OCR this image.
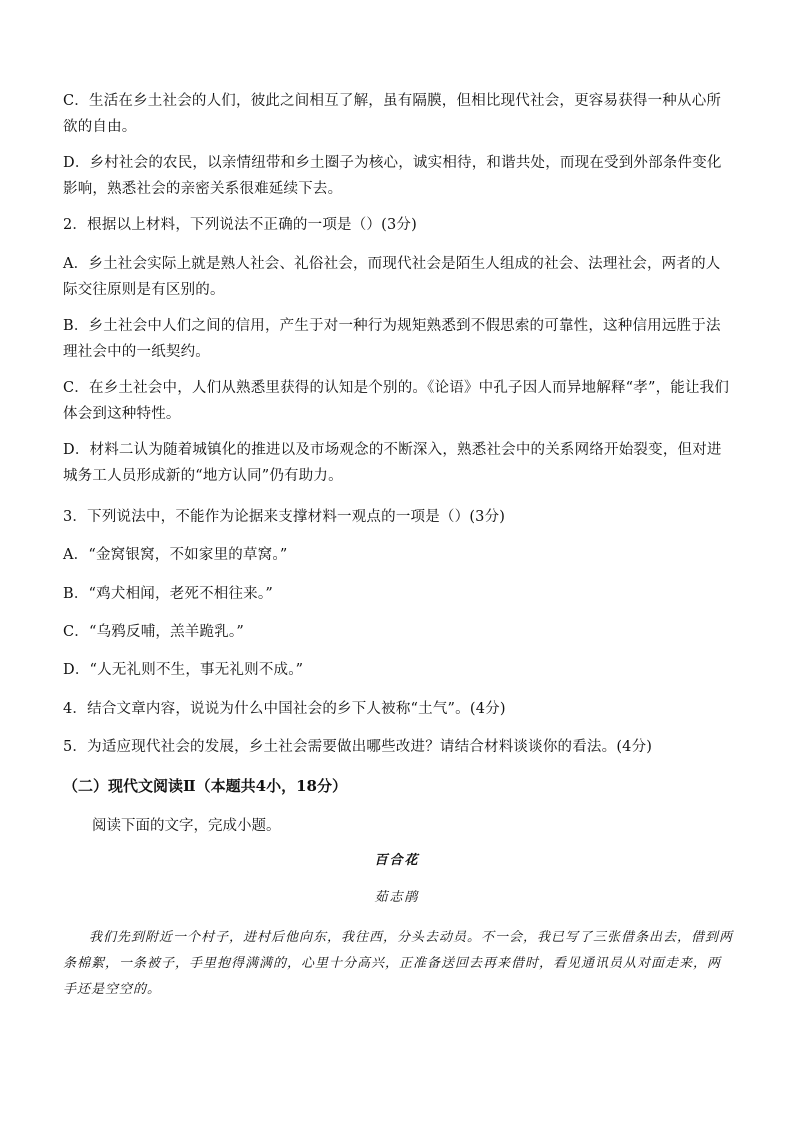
C．生活在乡土社会的人们，彼此之间相互了解，虽有隔膜，但相比现代社会，更容易获得一种从心所欲的自由。

D．乡村社会的农民，以亲情纽带和乡土圈子为核心，诚实相待，和谐共处，而现在受到外部条件变化影响，熟悉社会的亲密关系很难延续下去。

2．根据以上材料，下列说法不正确的一项是（）(3分)

A．乡土社会实际上就是熟人社会、礼俗社会，而现代社会是陌生人组成的社会、法理社会，两者的人际交往原则是有区别的。

B．乡土社会中人们之间的信用，产生于对一种行为规矩熟悉到不假思索的可靠性，这种信用远胜于法理社会中的一纸契约。

C．在乡土社会中，人们从熟悉里获得的认知是个别的。《论语》中孔子因人而异地解释“孝”，能让我们体会到这种特性。

D．材料二认为随着城镇化的推进以及市场观念的不断深入，熟悉社会中的关系网络开始裂变，但对进城务工人员形成新的“地方认同”仍有助力。

3．下列说法中，不能作为论据来支撑材料一观点的一项是（）(3分)

A．“金窝银窝，不如家里的草窝。”

B．“鸡犬相闻，老死不相往来。”

C．“乌鸦反哺，羔羊跪乳。”

D．“人无礼则不生，事无礼则不成。”

4．结合文章内容，说说为什么中国社会的乡下人被称“土气”。(4分)

5．为适应现代社会的发展，乡土社会需要做出哪些改进？请结合材料谈谈你的看法。(4分)

（二）现代文阅读Ⅱ（本题共4小，18分）

阅读下面的文字，完成小题。

百合花

茹志鹃

我们先到附近一个村子，进村后他向东，我往西，分头去动员。不一会，我已写了三张借条出去，借到两条棉絮，一条被子，手里抱得满满的，心里十分高兴，正准备送回去再来借时，看见通讯员从对面走来，两手还是空空的。
